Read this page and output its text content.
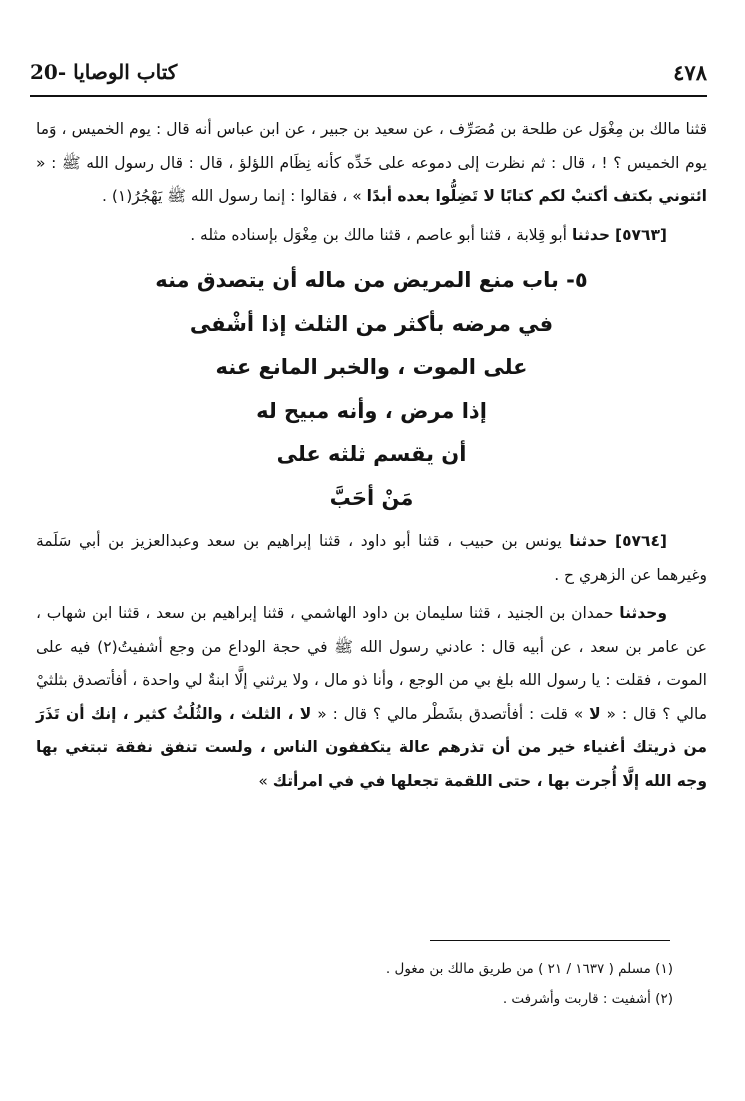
20- كتاب الوصايا	٤٧٨

قثنا مالك بن مِغْوَل عن طلحة بن مُصَرِّف ، عن سعيد بن جبير ، عن ابن عباس أنه قال : يوم الخميس ، وَما يوم الخميس ؟ ! ، قال : ثم نظرت إلى دموعه على خَدِّه كأنه نِظَام اللؤلؤ ، قال : قال رسول الله ﷺ : « ائتوني بكتف أكتبْ لكم كتابًا لا تَضِلُّوا بعده أبدًا » ، فقالوا : إنما رسول الله ﷺ يَهْجُرُ(١) .

[٥٧٦٣] حدثنا أبو قِلابة ، قثنا أبو عاصم ، قثنا مالك بن مِغْوَل بإسناده مثله .

٥- باب منع المريض من ماله أن يتصدق منه
في مرضه بأكثر من الثلث إذا أشْفى
على الموت ، والخبر المانع عنه
إذا مرض ، وأنه مبيح له
أن يقسم ثلثه على
مَنْ أحَبَّ

[٥٧٦٤] حدثنا يونس بن حبيب ، قثنا أبو داود ، قثنا إبراهيم بن سعد وعبدالعزيز بن أبي سَلَمة وغيرهما عن الزهري ح .

وحدثنا حمدان بن الجنيد ، قثنا سليمان بن داود الهاشمي ، قثنا إبراهيم بن سعد ، قثنا ابن شهاب ، عن عامر بن سعد ، عن أبيه قال : عادني رسول الله ﷺ في حجة الوداع من وجع أشفيتُ(٢) فيه على الموت ، فقلت : يا رسول الله بلغ بي من الوجع ، وأنا ذو مال ، ولا يرثني إلَّا ابنةٌ لي واحدة ، أفأتصدق بثلثيْ مالي ؟ قال : « لا » قلت : أفأتصدق بشَطْر مالي ؟ قال : « لا ، الثلث ، والثُلُثُ كثير ، إنك أن تَذَرَ من ذريتك أغنياء خير من أن تذرهم عالة يتكففون الناس ، ولست تنفق نفقة تبتغي بها وجه الله إلَّا أُجرت بها ، حتى اللقمة تجعلها في في امرأتك »

(١) مسلم ( ١٦٣٧ / ٢١ ) من طريق مالك بن مغول .

(٢) أشفيت : قاربت وأشرفت .
